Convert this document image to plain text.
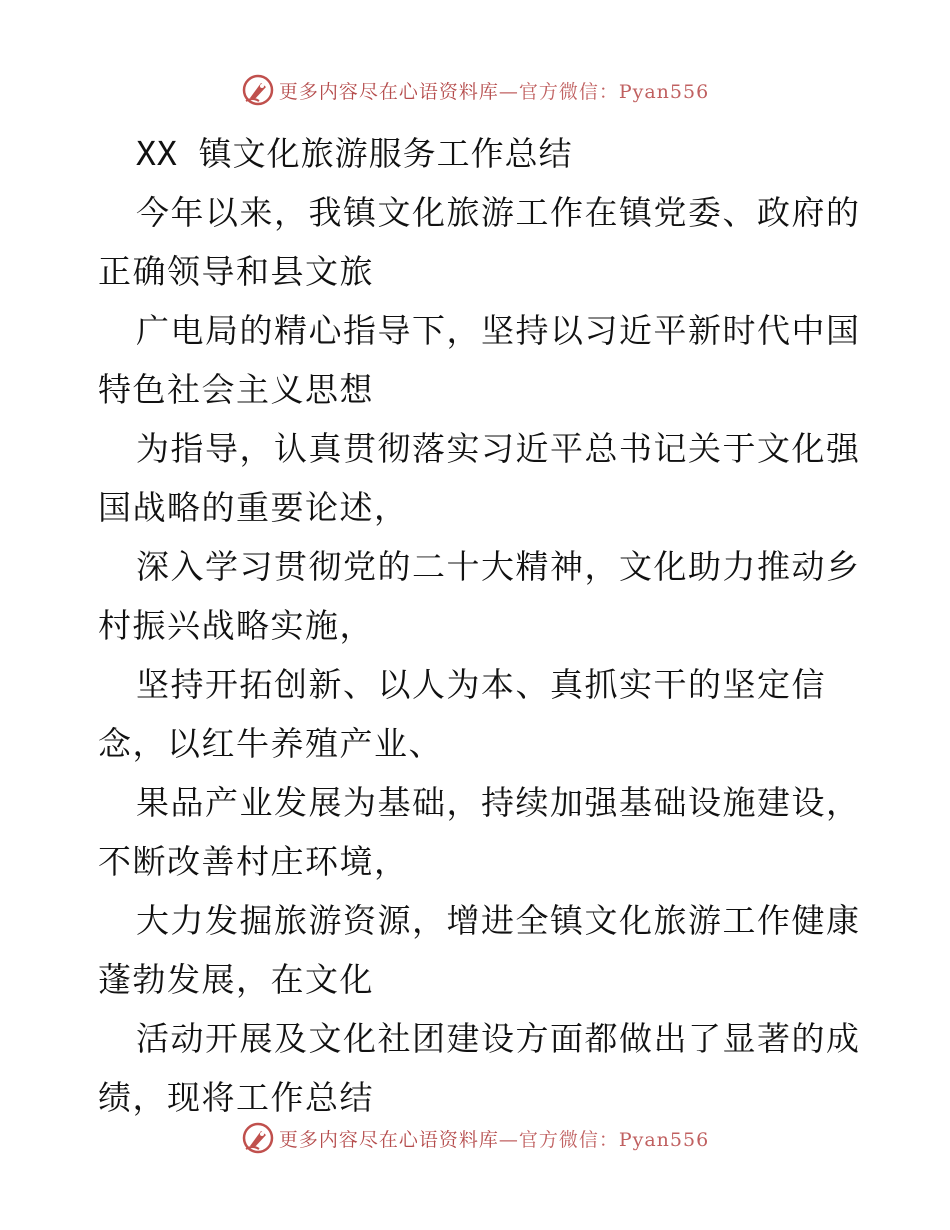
更多内容尽在心语资料库—官方微信：Pyan556
XX 镇文化旅游服务工作总结

今年以来，我镇文化旅游工作在镇党委、政府的
正确领导和县文旅

广电局的精心指导下，坚持以习近平新时代中国
特色社会主义思想

为指导，认真贯彻落实习近平总书记关于文化强
国战略的重要论述，

深入学习贯彻党的二十大精神，文化助力推动乡
村振兴战略实施，

坚持开拓创新、以人为本、真抓实干的坚定信
念，以红牛养殖产业、

果品产业发展为基础，持续加强基础设施建设，
不断改善村庄环境，

大力发掘旅游资源，增进全镇文化旅游工作健康
蓬勃发展，在文化

活动开展及文化社团建设方面都做出了显著的成
绩，现将工作总结

更多内容尽在心语资料库—官方微信：Pyan556
